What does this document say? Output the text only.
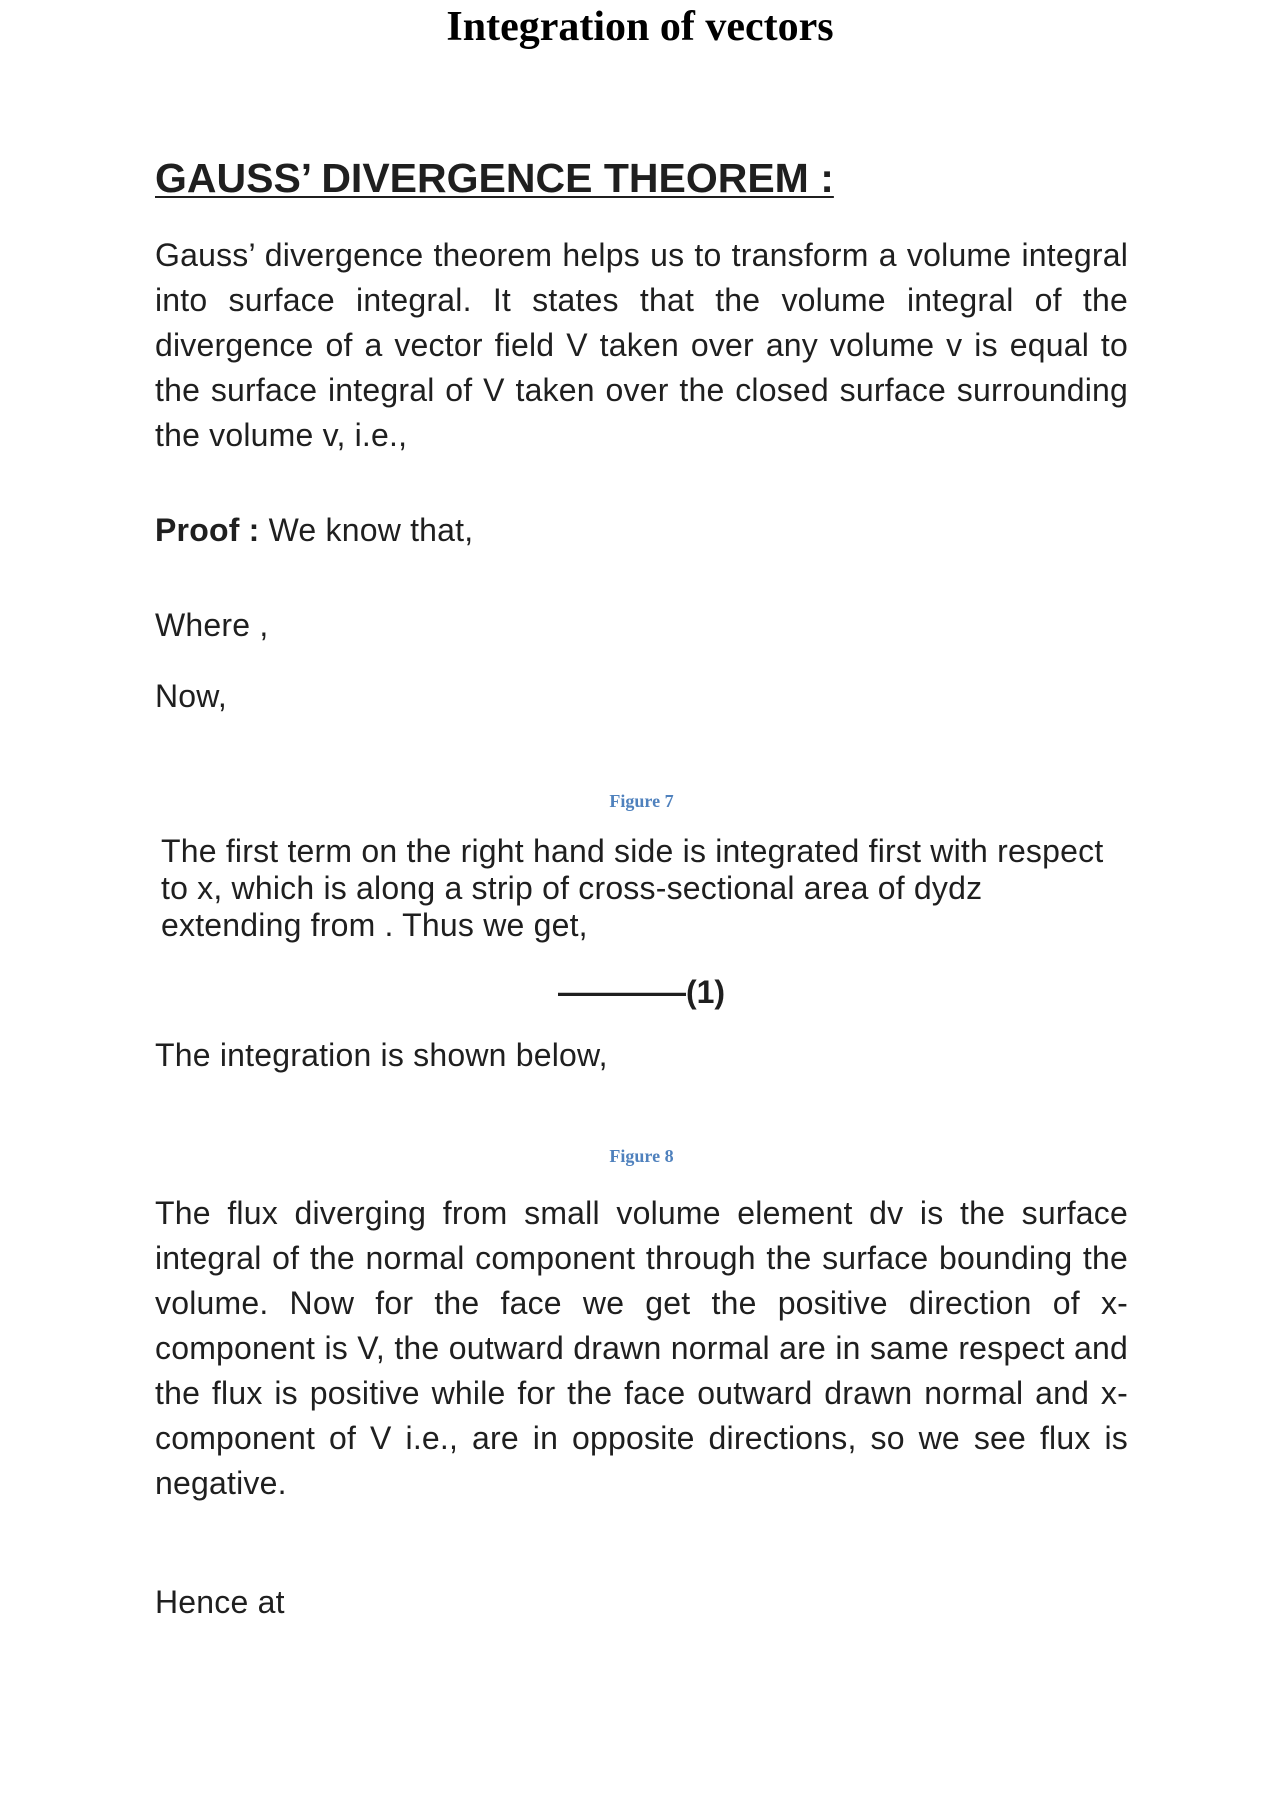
Integration of vectors
GAUSS’ DIVERGENCE THEOREM :
Gauss’ divergence theorem helps us to transform a volume integral into surface integral. It states that the volume integral of the divergence of a vector field V taken over any volume v is equal to the surface integral of V taken over the closed surface surrounding the volume v, i.e.,
Proof : We know that,
Where ,
Now,
Figure 7
The first term on the right hand side is integrated first with respect to x, which is along a strip of cross-sectional area of dydz extending from . Thus we get,
————(1)
The integration is shown below,
Figure 8
The flux diverging from small volume element dv is the surface integral of the normal component through the surface bounding the volume. Now for the face we get the positive direction of x-component is V, the outward drawn normal are in same respect and the flux is positive while for the face outward drawn normal and x-component of V i.e., are in opposite directions, so we see flux is negative.
Hence at
